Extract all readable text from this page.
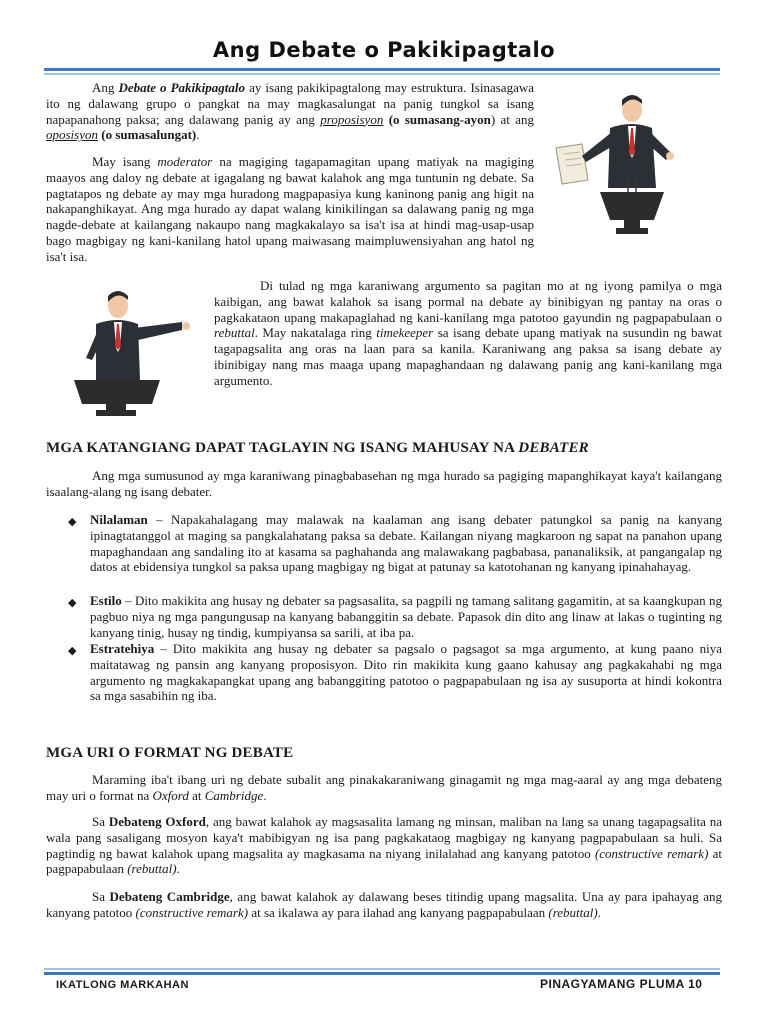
Ang Debate o Pakikipagtalo

Ang Debate o Pakikipagtalo ay isang pakikipagtalong may estruktura. Isinasagawa ito ng dalawang grupo o pangkat na may magkasalungat na panig tungkol sa isang napapanahong paksa; ang dalawang panig ay ang proposisyon (o sumasang-ayon) at ang oposisyon (o sumasalungat).

May isang moderator na magiging tagapamagitan upang matiyak na magiging maayos ang daloy ng debate at igagalang ng bawat kalahok ang mga tuntunin ng debate. Sa pagtatapos ng debate ay may mga huradong magpapasiya kung kaninong panig ang higit na nakapanghikayat. Ang mga hurado ay dapat walang kinikilingan sa dalawang panig ng mga nagde-debate at kailangang nakaupo nang magkakalayo sa isa't isa at hindi mag-usap-usap bago magbigay ng kani-kanilang hatol upang maiwasang maimpluwensiyahan ang hatol ng isa't isa.

Di tulad ng mga karaniwang argumento sa pagitan mo at ng iyong pamilya o mga kaibigan, ang bawat kalahok sa isang pormal na debate ay binibigyan ng pantay na oras o pagkakataon upang makapaglahad ng kani-kanilang mga patotoo gayundin ng pagpapabulaan o rebuttal. May nakatalaga ring timekeeper sa isang debate upang matiyak na susundin ng bawat tagapagsalita ang oras na laan para sa kanila. Karaniwang ang paksa sa isang debate ay ibinibigay nang mas maaga upang mapaghandaan ng dalawang panig ang kani-kanilang mga argumento.

MGA KATANGIANG DAPAT TAGLAYIN NG ISANG MAHUSAY NA DEBATER

Ang mga sumusunod ay mga karaniwang pinagbabasehan ng mga hurado sa pagiging mapanghikayat kaya't kailangang isaalang-alang ng isang debater.

◆ Nilalaman – Napakahalagang may malawak na kaalaman ang isang debater patungkol sa panig na kanyang ipinagtatanggol at maging sa pangkalahatang paksa sa debate. Kailangan niyang magkaroon ng sapat na panahon upang mapaghandaan ang sandaling ito at kasama sa paghahanda ang malawakang pagbabasa, pananaliksik, at pangangalap ng datos at ebidensiya tungkol sa paksa upang magbigay ng bigat at patunay sa katotohanan ng kanyang ipinahahayag.

◆ Estilo – Dito makikita ang husay ng debater sa pagsasalita, sa pagpili ng tamang salitang gagamitin, at sa kaangkupan ng pagbuo niya ng mga pangungusap na kanyang babanggitin sa debate. Papasok din dito ang linaw at lakas o tuginting ng kanyang tinig, husay ng tindig, kumpiyansa sa sarili, at iba pa.

◆ Estratehiya – Dito makikita ang husay ng debater sa pagsalo o pagsagot sa mga argumento, at kung paano niya maitatawag ng pansin ang kanyang proposisyon. Dito rin makikita kung gaano kahusay ang pagkakahabi ng mga argumento ng magkakapangkat upang ang babanggiting patotoo o pagpapabulaan ng isa ay susuporta at hindi kokontra sa mga sasabihin ng iba.

MGA URI O FORMAT NG DEBATE

Maraming iba't ibang uri ng debate subalit ang pinakakaraniwang ginagamit ng mga mag-aaral ay ang mga debateng may uri o format na Oxford at Cambridge.

Sa Debateng Oxford, ang bawat kalahok ay magsasalita lamang ng minsan, maliban na lang sa unang tagapagsalita na wala pang sasaligang mosyon kaya't mabibigyan ng isa pang pagkakataog magbigay ng kanyang pagpapabulaan sa huli. Sa pagtindig ng bawat kalahok upang magsalita ay magkasama na niyang inilalahad ang kanyang patotoo (constructive remark) at pagpapabulaan (rebuttal).

Sa Debateng Cambridge, ang bawat kalahok ay dalawang beses titindig upang magsalita. Una ay para ipahayag ang kanyang patotoo (constructive remark) at sa ikalawa ay para ilahad ang kanyang pagpapabulaan (rebuttal).

IKATLONG MARKAHAN	PINAGYAMANG PLUMA 10
